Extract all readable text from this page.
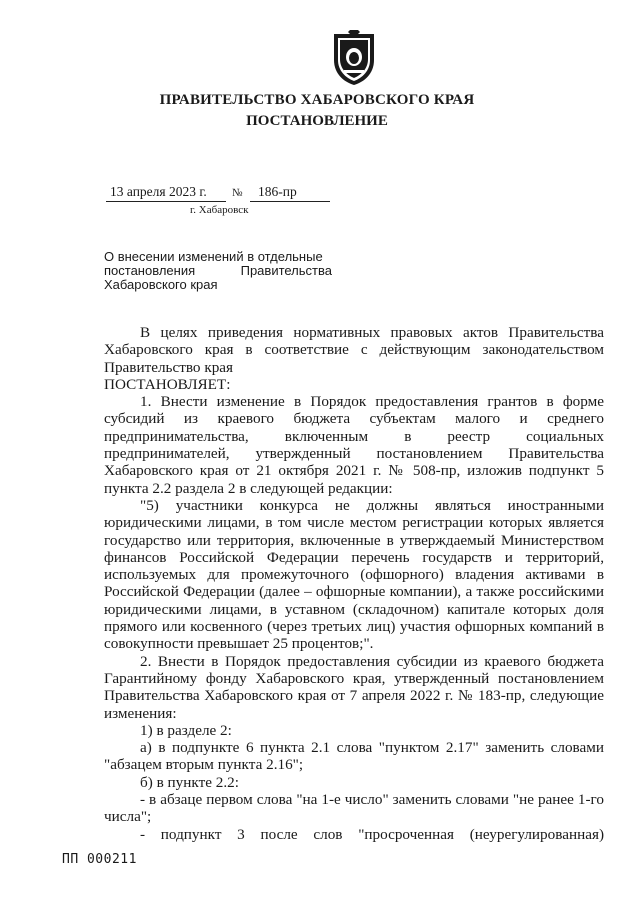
ПРАВИТЕЛЬСТВО ХАБАРОВСКОГО КРАЯ
ПОСТАНОВЛЕНИЕ
13 апреля 2023 г. № 186-пр
г. Хабаровск
О внесении изменений в отдельные
постановления Правительства
Хабаровского края
В целях приведения нормативных правовых актов Правительства Хабаровского края в соответствие с действующим законодательством Правительство края
ПОСТАНОВЛЯЕТ:
1. Внести изменение в Порядок предоставления грантов в форме субсидий из краевого бюджета субъектам малого и среднего предпринимательства, включенным в реестр социальных предпринимателей, утвержденный постановлением Правительства Хабаровского края от 21 октября 2021 г. № 508-пр, изложив подпункт 5 пункта 2.2 раздела 2 в следующей редакции:
"5) участники конкурса не должны являться иностранными юридическими лицами, в том числе местом регистрации которых является государство или территория, включенные в утверждаемый Министерством финансов Российской Федерации перечень государств и территорий, используемых для промежуточного (офшорного) владения активами в Российской Федерации (далее – офшорные компании), а также российскими юридическими лицами, в уставном (складочном) капитале которых доля прямого или косвенного (через третьих лиц) участия офшорных компаний в совокупности превышает 25 процентов;".
2. Внести в Порядок предоставления субсидии из краевого бюджета Гарантийному фонду Хабаровского края, утвержденный постановлением Правительства Хабаровского края от 7 апреля 2022 г. № 183-пр, следующие изменения:
1) в разделе 2:
а) в подпункте 6 пункта 2.1 слова "пунктом 2.17" заменить словами "абзацем вторым пункта 2.16";
б) в пункте 2.2:
- в абзаце первом слова "на 1-е число" заменить словами "не ранее 1-го числа";
- подпункт 3 после слов "просроченная (неурегулированная)
ПП 000211
